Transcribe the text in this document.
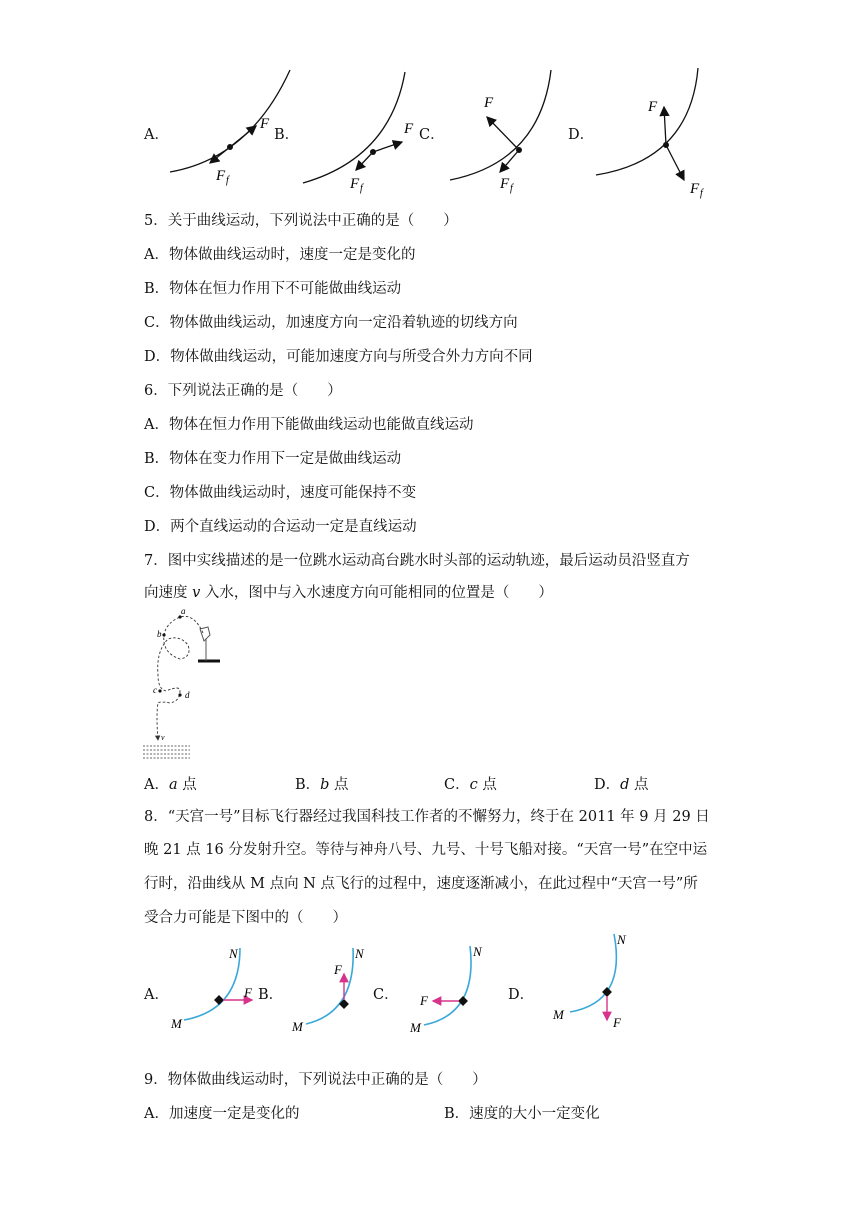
A．	B．	C．	D．
F
F f
F
F f
F
F f
F
F f
5．关于曲线运动，下列说法中正确的是（　　）
A．物体做曲线运动时，速度一定是变化的
B．物体在恒力作用下不可能做曲线运动
C．物体做曲线运动，加速度方向一定沿着轨迹的切线方向
D．物体做曲线运动，可能加速度方向与所受合外力方向不同
6．下列说法正确的是（　　）
A．物体在恒力作用下能做曲线运动也能做直线运动
B．物体在变力作用下一定是做曲线运动
C．物体做曲线运动时，速度可能保持不变
D．两个直线运动的合运动一定是直线运动
7．图中实线描述的是一位跳水运动高台跳水时头部的运动轨迹，最后运动员沿竖直方
向速度 v 入水，图中与入水速度方向可能相同的位置是（　　）
a
b
c	d
v
A．a 点	B．b 点	C．c 点	D．d 点
8．“天宫一号”目标飞行器经过我国科技工作者的不懈努力，终于在 2011 年 9 月 29 日
晚 21 点 16 分发射升空。等待与神舟八号、九号、十号飞船对接。“天宫一号”在空中运
行时，沿曲线从 M 点向 N 点飞行的过程中，速度逐渐减小，在此过程中“天宫一号”所
受合力可能是下图中的（　　）
A．	B．	C．	D．
M
N
F
M
N
F
M
N
F
M
N
F
9．物体做曲线运动时，下列说法中正确的是（　　）
A．加速度一定是变化的	B．速度的大小一定变化
